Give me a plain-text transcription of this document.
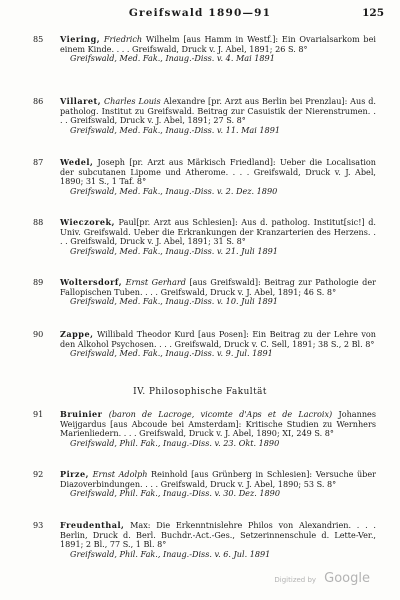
Greifswald 1890—91	125
85 Viering, Friedrich Wilhelm [aus Hamm in Westf.]: Ein Ovarialsarkom bei einem Kinde. . . . Greifswald, Druck v. J. Abel, 1891; 26 S. 8°
Greifswald, Med. Fak., Inaug.-Diss. v. 4. Mai 1891
86 Villaret, Charles Louis Alexandre [pr. Arzt aus Berlin bei Prenzlau]: Aus d. patholog. Institut zu Greifswald. Beitrag zur Casuistik der Nierenstrumen. . . . Greifswald, Druck v. J. Abel, 1891; 27 S. 8°
Greifswald, Med. Fak., Inaug.-Diss. v. 11. Mai 1891
87 Wedel, Joseph [pr. Arzt aus Märkisch Friedland]: Ueber die Localisation der subcutanen Lipome und Atherome. . . . Greifswald, Druck v. J. Abel, 1890; 31 S., 1 Taf. 8°
Greifswald, Med. Fak., Inaug.-Diss. v. 2. Dez. 1890
88 Wieczorek, Paul[pr. Arzt aus Schlesien]: Aus d. patholog. Institut[sic!] d. Univ. Greifswald. Ueber die Erkrankungen der Kranzarterien des Herzens. . . . Greifswald, Druck v. J. Abel, 1891; 31 S. 8°
Greifswald, Med. Fak., Inaug.-Diss. v. 21. Juli 1891
89 Woltersdorf, Ernst Gerhard [aus Greifswald]: Beitrag zur Pathologie der Fallopischen Tuben. . . . Greifswald, Druck v. J. Abel, 1891; 46 S. 8°
Greifswald, Med. Fak., Inaug.-Diss. v. 10. Juli 1891
90 Zappe, Willibald Theodor Kurd [aus Posen]: Ein Beitrag zu der Lehre von den Alkohol Psychosen. . . . Greifswald, Druck v. C. Sell, 1891; 38 S., 2 Bl. 8°
Greifswald, Med. Fak., Inaug.-Diss. v. 9. Jul. 1891
IV. Philosophische Fakultät
91 Bruinier (baron de Lacroge, vicomte d'Aps et de Lacroix) Johannes Weijgardus [aus Abcoude bei Amsterdam]: Kritische Studien zu Wernhers Marienliedern. . . . Greifswald, Druck v. J. Abel, 1890; XI, 249 S. 8°
Greifswald, Phil. Fak., Inaug.-Diss. v. 23. Okt. 1890
92 Pirze, Ernst Adolph Reinhold [aus Grünberg in Schlesien]: Versuche über Diazoverbindungen. . . . Greifswald, Druck v. J. Abel, 1890; 53 S. 8°
Greifswald, Phil. Fak., Inaug.-Diss. v. 30. Dez. 1890
93 Freudenthal, Max: Die Erkenntnislehre Philos von Alexandrien. . . . Berlin, Druck d. Berl. Buchdr.-Act.-Ges., Setzerinnenschule d. Lette-Ver., 1891; 2 Bl., 77 S., 1 Bl. 8°
Greifswald, Phil. Fak., Inaug.-Diss. v. 6. Jul. 1891
Digitized by Google
